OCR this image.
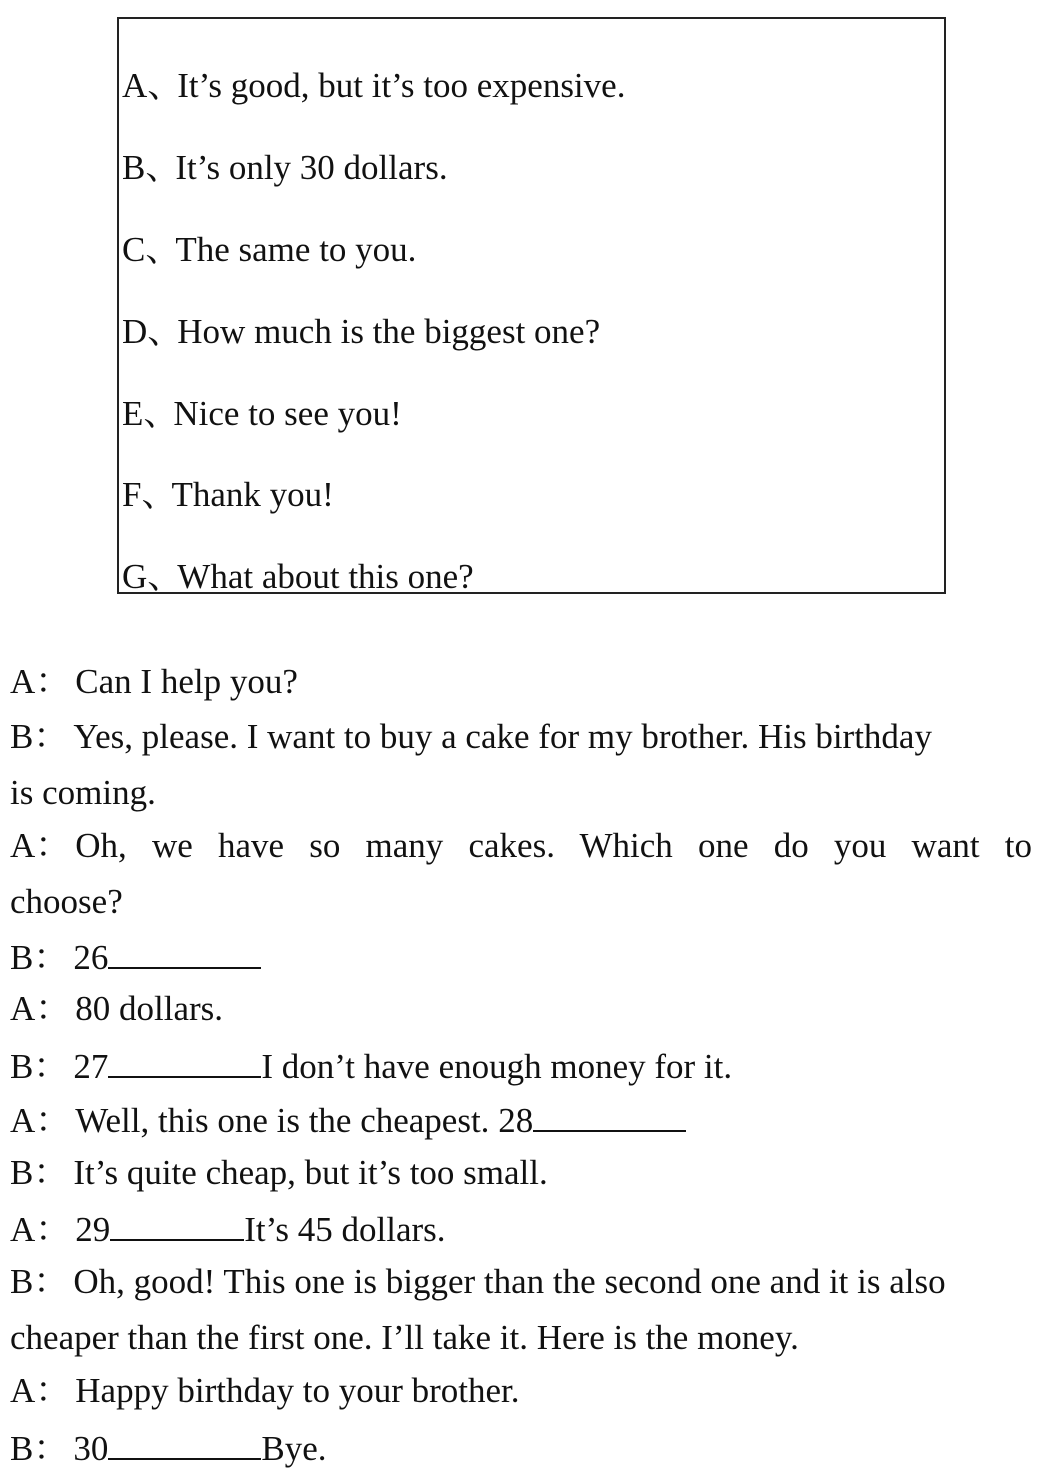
A、It’s good, but it’s too expensive.
B、It’s only 30 dollars.
C、The same to you.
D、How much is the biggest one?
E、Nice to see you!
F、Thank you!
G、What about this one?
A： Can I help you?
B： Yes, please. I want to buy a cake for my brother. His birthday
is coming.
A： Oh, we have so many cakes. Which one do you want to
choose?
B： 26
A： 80 dollars.
B： 27	I don’t have enough money for it.
A： Well, this one is the cheapest. 28
B： It’s quite cheap, but it’s too small.
A： 29	It’s 45 dollars.
B： Oh, good! This one is bigger than the second one and it is also
cheaper than the first one. I’ll take it. Here is the money.
A： Happy birthday to your brother.
B： 30	Bye.
